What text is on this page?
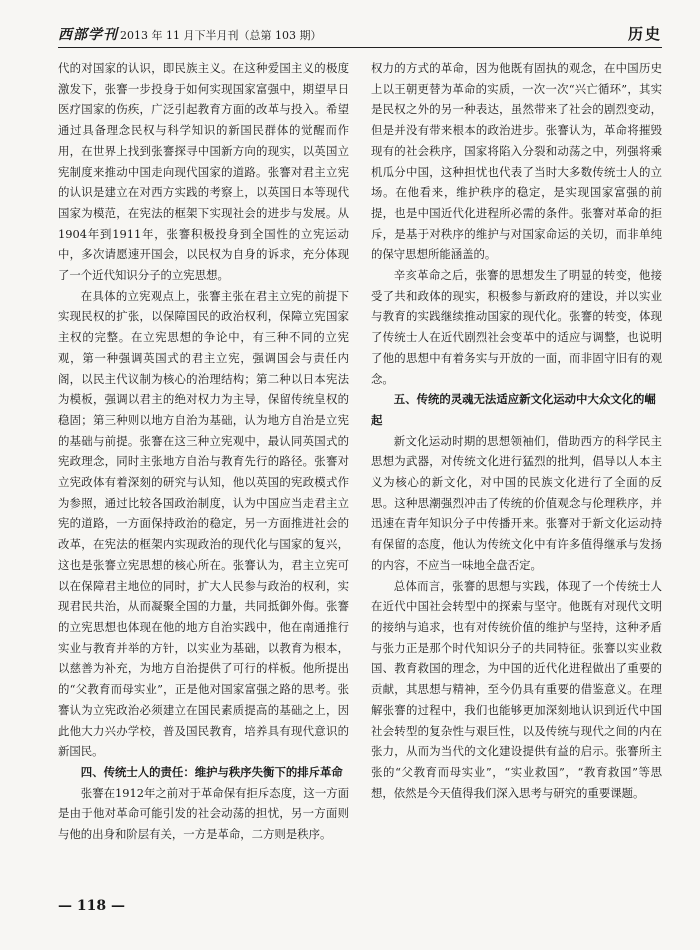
西部学刊 2013 年 11 月下半月刊（总第 103 期）	历史

代的对国家的认识，即民族主义。在这种爱国主义的极度激发下，张謇一步投身于如何实现国家富强中，期望早日医疗国家的伤疾，广泛引起教育方面的改革与投入。希望通过具备理念民权与科学知识的新国民群体的觉醒而作用，在世界上找到张謇探寻中国新方向的现实，以英国立宪制度来推动中国走向现代国家的道路。张謇对君主立宪的认识是建立在对西方实践的考察上，以英国日本等现代国家为模范，在宪法的框架下实现社会的进步与发展。从1904年到1911年，张謇积极投身到全国性的立宪运动中，多次请愿速开国会，以民权为自身的诉求，充分体现了一个近代知识分子的立宪思想。

在具体的立宪观点上，张謇主张在君主立宪的前提下实现民权的扩张，以保障国民的政治权利，保障立宪国家主权的完整。在立宪思想的争论中，有三种不同的立宪观，第一种强调英国式的君主立宪，强调国会与责任内阁，以民主代议制为核心的治理结构；第二种以日本宪法为模板，强调以君主的绝对权力为主导，保留传统皇权的稳固；第三种则以地方自治为基础，认为地方自治是立宪的基础与前提。张謇在这三种立宪观中，最认同英国式的宪政理念，同时主张地方自治与教育先行的路径。张謇对立宪政体有着深刻的研究与认知，他以英国的宪政模式作为参照，通过比较各国政治制度，认为中国应当走君主立宪的道路，一方面保持政治的稳定，另一方面推进社会的改革，在宪法的框架内实现政治的现代化与国家的复兴，这也是张謇立宪思想的核心所在。张謇认为，君主立宪可以在保障君主地位的同时，扩大人民参与政治的权利，实现君民共治，从而凝聚全国的力量，共同抵御外侮。张謇的立宪思想也体现在他的地方自治实践中，他在南通推行实业与教育并举的方针，以实业为基础，以教育为根本，以慈善为补充，为地方自治提供了可行的样板。他所提出的“父教育而母实业”，正是他对国家富强之路的思考。张謇认为立宪政治必须建立在国民素质提高的基础之上，因此他大力兴办学校，普及国民教育，培养具有现代意识的新国民。

四、传统士人的责任：维护与秩序失衡下的排斥革命

张謇在1912年之前对于革命保有拒斥态度，这一方面是由于他对革命可能引发的社会动荡的担忧，另一方面则与他的出身和阶层有关，一方是革命，二方则是秩序。

权力的方式的革命，因为他既有固执的观念，在中国历史上以王朝更替为革命的实质，一次一次“兴亡循环”，其实是民权之外的另一种表达，虽然带来了社会的剧烈变动，但是并没有带来根本的政治进步。张謇认为，革命将摧毁现有的社会秩序，国家将陷入分裂和动荡之中，列强将乘机瓜分中国，这种担忧也代表了当时大多数传统士人的立场。在他看来，维护秩序的稳定，是实现国家富强的前提，也是中国近代化进程所必需的条件。张謇对革命的拒斥，是基于对秩序的维护与对国家命运的关切，而非单纯的保守思想所能涵盖的。

辛亥革命之后，张謇的思想发生了明显的转变，他接受了共和政体的现实，积极参与新政府的建设，并以实业与教育的实践继续推动国家的现代化。张謇的转变，体现了传统士人在近代剧烈社会变革中的适应与调整，也说明了他的思想中有着务实与开放的一面，而非固守旧有的观念。

五、传统的灵魂无法适应新文化运动中大众文化的崛起

新文化运动时期的思想领袖们，借助西方的科学民主思想为武器，对传统文化进行猛烈的批判，倡导以人本主义为核心的新文化，对中国的民族文化进行了全面的反思。这种思潮强烈冲击了传统的价值观念与伦理秩序，并迅速在青年知识分子中传播开来。张謇对于新文化运动持有保留的态度，他认为传统文化中有许多值得继承与发扬的内容，不应当一味地全盘否定。

总体而言，张謇的思想与实践，体现了一个传统士人在近代中国社会转型中的探索与坚守。他既有对现代文明的接纳与追求，也有对传统价值的维护与坚持，这种矛盾与张力正是那个时代知识分子的共同特征。张謇以实业救国、教育救国的理念，为中国的近代化进程做出了重要的贡献，其思想与精神，至今仍具有重要的借鉴意义。在理解张謇的过程中，我们也能够更加深刻地认识到近代中国社会转型的复杂性与艰巨性，以及传统与现代之间的内在张力，从而为当代的文化建设提供有益的启示。张謇所主张的“父教育而母实业”，“实业救国”，“教育救国”等思想，依然是今天值得我们深入思考与研究的重要课题。

— 118 —
